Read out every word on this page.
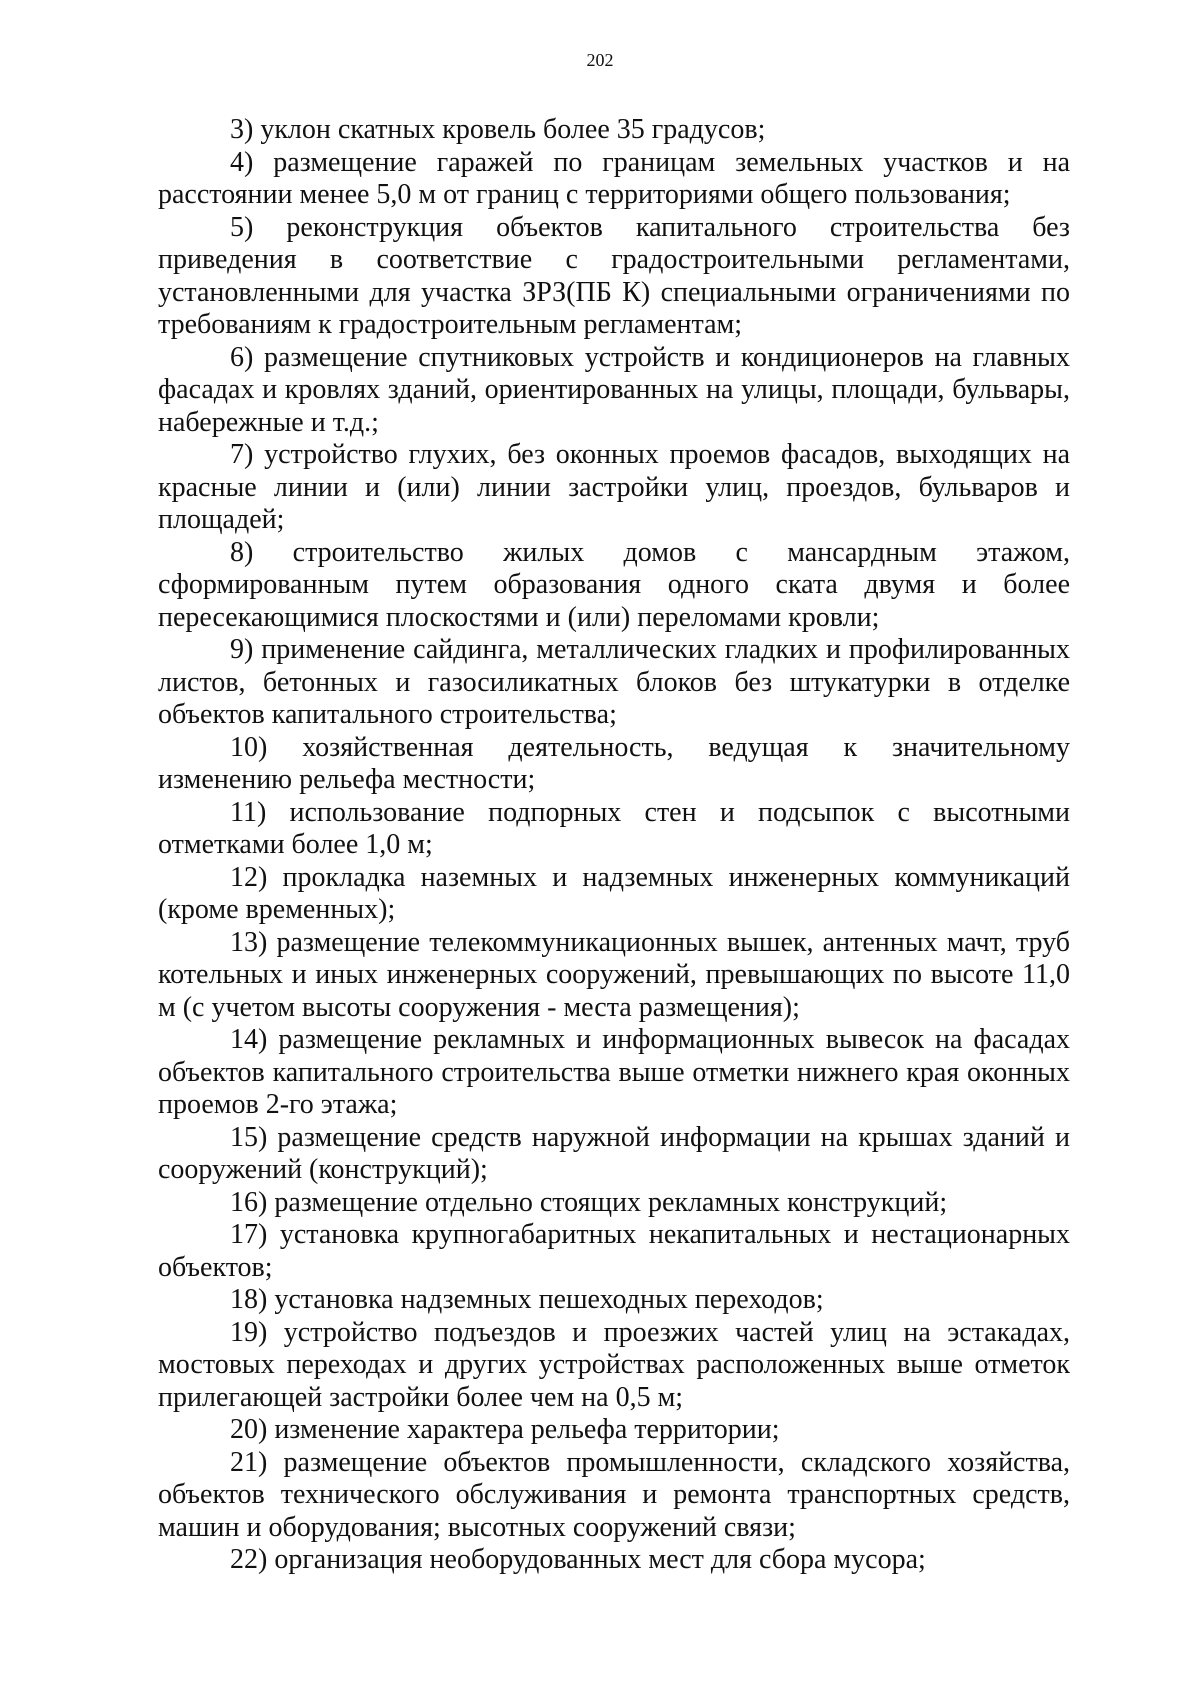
202

3) уклон скатных кровель более 35 градусов;

4) размещение гаражей по границам земельных участков и на расстоянии менее 5,0 м от границ с территориями общего пользования;

5) реконструкция объектов капитального строительства без приведения в соответствие с градостроительными регламентами, установленными для участка ЗРЗ(ПБ К) специальными ограничениями по требованиям к градостроительным регламентам;

6) размещение спутниковых устройств и кондиционеров на главных фасадах и кровлях зданий, ориентированных на улицы, площади, бульвары, набережные и т.д.;

7) устройство глухих, без оконных проемов фасадов, выходящих на красные линии и (или) линии застройки улиц, проездов, бульваров и площадей;

8) строительство жилых домов с мансардным этажом, сформированным путем образования одного ската двумя и более пересекающимися плоскостями и (или) переломами кровли;

9) применение сайдинга, металлических гладких и профилированных листов, бетонных и газосиликатных блоков без штукатурки в отделке объектов капитального строительства;

10) хозяйственная деятельность, ведущая к значительному изменению рельефа местности;

11) использование подпорных стен и подсыпок с высотными отметками более 1,0 м;

12) прокладка наземных и надземных инженерных коммуникаций (кроме временных);

13) размещение телекоммуникационных вышек, антенных мачт, труб котельных и иных инженерных сооружений, превышающих по высоте 11,0 м (с учетом высоты сооружения - места размещения);

14) размещение рекламных и информационных вывесок на фасадах объектов капитального строительства выше отметки нижнего края оконных проемов 2-го этажа;

15) размещение средств наружной информации на крышах зданий и сооружений (конструкций);

16) размещение отдельно стоящих рекламных конструкций;

17) установка крупногабаритных некапитальных и нестационарных объектов;

18) установка надземных пешеходных переходов;

19) устройство подъездов и проезжих частей улиц на эстакадах, мостовых переходах и других устройствах расположенных выше отметок прилегающей застройки более чем на 0,5 м;

20) изменение характера рельефа территории;

21) размещение объектов промышленности, складского хозяйства, объектов технического обслуживания и ремонта транспортных средств, машин и оборудования; высотных сооружений связи;

22) организация необорудованных мест для сбора мусора;
